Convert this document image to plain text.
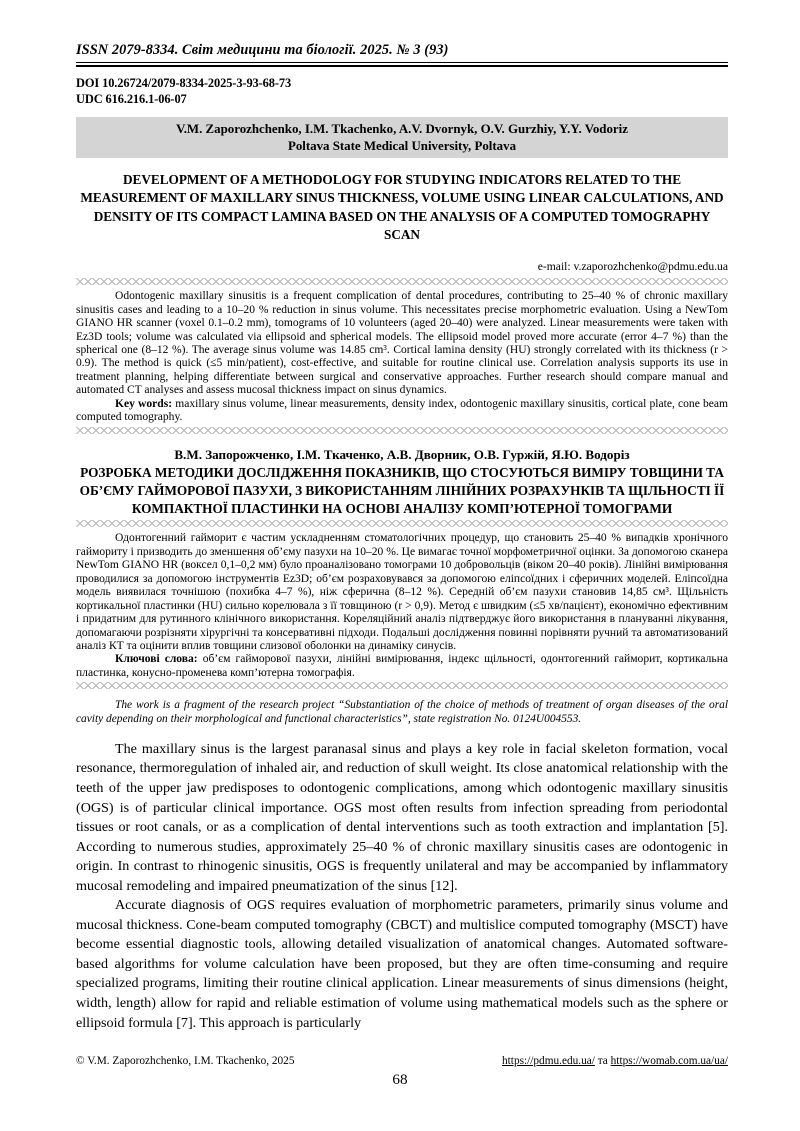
ISSN 2079-8334. Світ медицини та біології. 2025. № 3 (93)
DOI 10.26724/2079-8334-2025-3-93-68-73
UDC 616.216.1-06-07
V.M. Zaporozhchenko, I.M. Tkachenko, A.V. Dvornyk, O.V. Gurzhiy, Y.Y. Vodoriz
Poltava State Medical University, Poltava
DEVELOPMENT OF A METHODOLOGY FOR STUDYING INDICATORS RELATED TO THE MEASUREMENT OF MAXILLARY SINUS THICKNESS, VOLUME USING LINEAR CALCULATIONS, AND DENSITY OF ITS COMPACT LAMINA BASED ON THE ANALYSIS OF A COMPUTED TOMOGRAPHY SCAN
e-mail: v.zaporozhchenko@pdmu.edu.ua
Odontogenic maxillary sinusitis is a frequent complication of dental procedures, contributing to 25–40 % of chronic maxillary sinusitis cases and leading to a 10–20 % reduction in sinus volume. This necessitates precise morphometric evaluation. Using a NewTom GIANO HR scanner (voxel 0.1–0.2 mm), tomograms of 10 volunteers (aged 20–40) were analyzed. Linear measurements were taken with Ez3D tools; volume was calculated via ellipsoid and spherical models. The ellipsoid model proved more accurate (error 4–7 %) than the spherical one (8–12 %). The average sinus volume was 14.85 cm³. Cortical lamina density (HU) strongly correlated with its thickness (r > 0.9). The method is quick (≤5 min/patient), cost-effective, and suitable for routine clinical use. Correlation analysis supports its use in treatment planning, helping differentiate between surgical and conservative approaches. Further research should compare manual and automated CT analyses and assess mucosal thickness impact on sinus dynamics.
Key words: maxillary sinus volume, linear measurements, density index, odontogenic maxillary sinusitis, cortical plate, cone beam computed tomography.
В.М. Запорожченко, І.М. Ткаченко, А.В. Дворник, О.В. Гуржій, Я.Ю. Водоріз
РОЗРОБКА МЕТОДИКИ ДОСЛІДЖЕННЯ ПОКАЗНИКІВ, ЩО СТОСУЮТЬСЯ ВИМІРУ ТОВЩИНИ ТА ОБ’ЄМУ ГАЙМОРОВОЇ ПАЗУХИ, З ВИКОРИСТАННЯМ ЛІНІЙНИХ РОЗРАХУНКІВ ТА ЩІЛЬНОСТІ ЇЇ КОМПАКТНОЇ ПЛАСТИНКИ НА ОСНОВІ АНАЛІЗУ КОМП’ЮТЕРНОЇ ТОМОГРАМИ
Одонтогенний гайморит є частим ускладненням стоматологічних процедур, що становить 25–40 % випадків хронічного гаймориту і призводить до зменшення об’єму пазухи на 10–20 %. Це вимагає точної морфометричної оцінки. За допомогою сканера NewTom GIANO HR (воксел 0,1–0,2 мм) було проаналізовано томограми 10 добровольців (віком 20–40 років). Лінійні вимірювання проводилися за допомогою інструментів Ez3D; об’єм розраховувався за допомогою еліпсоїдних і сферичних моделей. Еліпсоїдна модель виявилася точнішою (похибка 4–7 %), ніж сферична (8–12 %). Середній об’єм пазухи становив 14,85 см³. Щільність кортикальної пластинки (HU) сильно корелювала з її товщиною (r > 0,9). Метод є швидким (≤5 хв/пацієнт), економічно ефективним і придатним для рутинного клінічного використання. Кореляційний аналіз підтверджує його використання в плануванні лікування, допомагаючи розрізняти хірургічні та консервативні підходи. Подальші дослідження повинні порівняти ручний та автоматизований аналіз КТ та оцінити вплив товщини слизової оболонки на динаміку синусів.
Ключові слова: об’єм гайморової пазухи, лінійні вимірювання, індекс щільності, одонтогенний гайморит, кортикальна пластинка, конусно-променева комп’ютерна томографія.
The work is a fragment of the research project “Substantiation of the choice of methods of treatment of organ diseases of the oral cavity depending on their morphological and functional characteristics”, state registration No. 0124U004553.
The maxillary sinus is the largest paranasal sinus and plays a key role in facial skeleton formation, vocal resonance, thermoregulation of inhaled air, and reduction of skull weight. Its close anatomical relationship with the teeth of the upper jaw predisposes to odontogenic complications, among which odontogenic maxillary sinusitis (OGS) is of particular clinical importance. OGS most often results from infection spreading from periodontal tissues or root canals, or as a complication of dental interventions such as tooth extraction and implantation [5]. According to numerous studies, approximately 25–40 % of chronic maxillary sinusitis cases are odontogenic in origin. In contrast to rhinogenic sinusitis, OGS is frequently unilateral and may be accompanied by inflammatory mucosal remodeling and impaired pneumatization of the sinus [12].
Accurate diagnosis of OGS requires evaluation of morphometric parameters, primarily sinus volume and mucosal thickness. Cone-beam computed tomography (CBCT) and multislice computed tomography (MSCT) have become essential diagnostic tools, allowing detailed visualization of anatomical changes. Automated software-based algorithms for volume calculation have been proposed, but they are often time-consuming and require specialized programs, limiting their routine clinical application. Linear measurements of sinus dimensions (height, width, length) allow for rapid and reliable estimation of volume using mathematical models such as the sphere or ellipsoid formula [7]. This approach is particularly
© V.M. Zaporozhchenko, I.M. Tkachenko, 2025	https://pdmu.edu.ua/ та https://womab.com.ua/ua/
68
